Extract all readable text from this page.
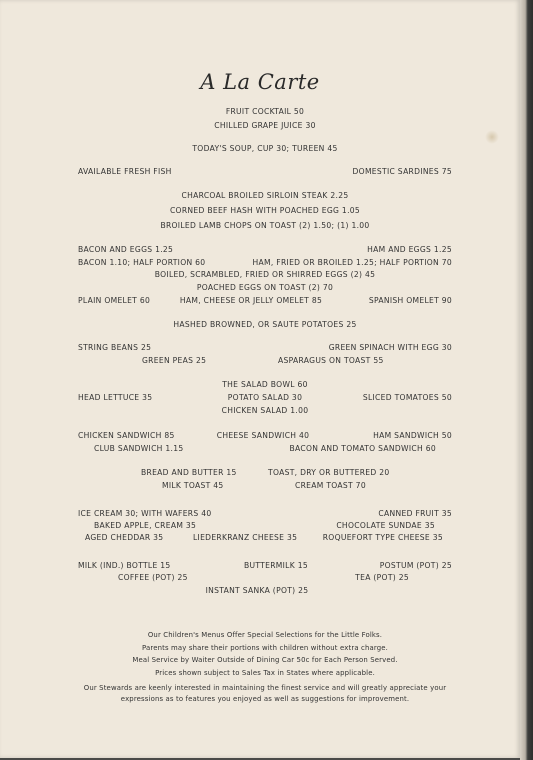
A La Carte
FRUIT COCKTAIL 50
CHILLED GRAPE JUICE 30
TODAY'S SOUP, CUP 30; TUREEN 45
AVAILABLE FRESH FISH	DOMESTIC SARDINES 75
CHARCOAL BROILED SIRLOIN STEAK 2.25
CORNED BEEF HASH WITH POACHED EGG 1.05
BROILED LAMB CHOPS ON TOAST (2) 1.50; (1) 1.00
BACON AND EGGS 1.25	HAM AND EGGS 1.25
BACON 1.10; HALF PORTION 60	HAM, FRIED OR BROILED 1.25; HALF PORTION 70
BOILED, SCRAMBLED, FRIED OR SHIRRED EGGS (2) 45
POACHED EGGS ON TOAST (2) 70
PLAIN OMELET 60	HAM, CHEESE OR JELLY OMELET 85	SPANISH OMELET 90
HASHED BROWNED, OR SAUTE POTATOES 25
STRING BEANS 25	GREEN SPINACH WITH EGG 30
GREEN PEAS 25	ASPARAGUS ON TOAST 55
THE SALAD BOWL 60
HEAD LETTUCE 35	POTATO SALAD 30	SLICED TOMATOES 50
CHICKEN SALAD 1.00
CHICKEN SANDWICH 85	CHEESE SANDWICH 40	HAM SANDWICH 50
CLUB SANDWICH 1.15	BACON AND TOMATO SANDWICH 60
BREAD AND BUTTER 15	TOAST, DRY OR BUTTERED 20
MILK TOAST 45	CREAM TOAST 70
ICE CREAM 30; WITH WAFERS 40	CANNED FRUIT 35
BAKED APPLE, CREAM 35	CHOCOLATE SUNDAE 35
AGED CHEDDAR 35	LIEDERKRANZ CHEESE 35	ROQUEFORT TYPE CHEESE 35
MILK (IND.) BOTTLE 15	BUTTERMILK 15	POSTUM (POT) 25
COFFEE (POT) 25	TEA (POT) 25
INSTANT SANKA (POT) 25
Our Children's Menus Offer Special Selections for the Little Folks.
Parents may share their portions with children without extra charge.
Meal Service by Waiter Outside of Dining Car 50c for Each Person Served.
Prices shown subject to Sales Tax in States where applicable.
Our Stewards are keenly interested in maintaining the finest service and will greatly appreciate your
expressions as to features you enjoyed as well as suggestions for improvement.
